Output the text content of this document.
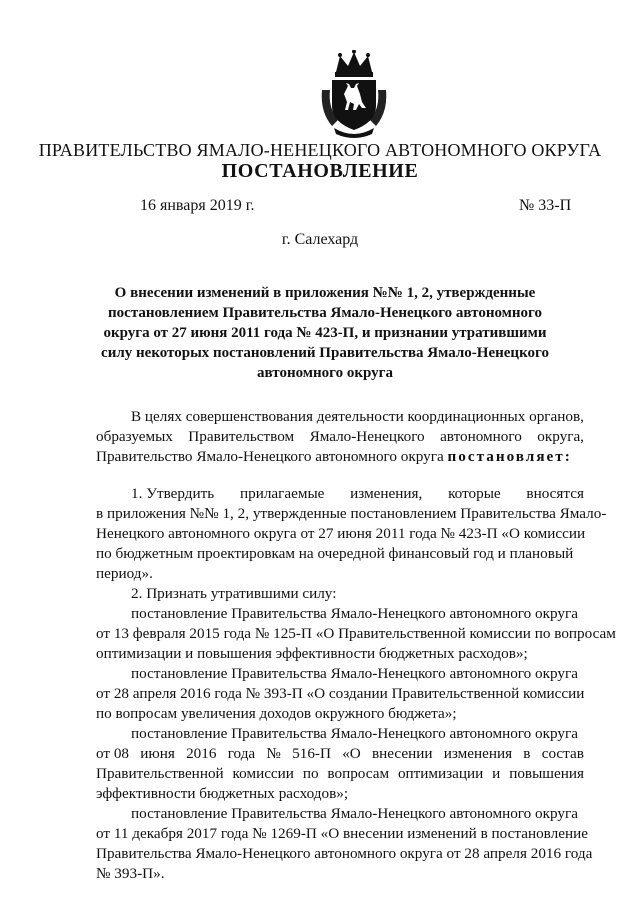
ПРАВИТЕЛЬСТВО ЯМАЛО-НЕНЕЦКОГО АВТОНОМНОГО ОКРУГА
ПОСТАНОВЛЕНИЕ
16 января 2019 г.	№ 33-П
г. Салехард
О внесении изменений в приложения №№ 1, 2, утвержденные
постановлением Правительства Ямало-Ненецкого автономного
округа от 27 июня 2011 года № 423-П, и признании утратившими
силу некоторых постановлений Правительства Ямало-Ненецкого
автономного округа
В целях совершенствования деятельности координационных органов,
образуемых Правительством Ямало-Ненецкого автономного округа,
Правительство Ямало-Ненецкого автономного округа постановляет:
1. Утвердить прилагаемые изменения, которые вносятся
в приложения №№ 1, 2, утвержденные постановлением Правительства Ямало-
Ненецкого автономного округа от 27 июня 2011 года № 423-П «О комиссии
по бюджетным проектировкам на очередной финансовый год и плановый
период».
2. Признать утратившими силу:
постановление Правительства Ямало-Ненецкого автономного округа
от 13 февраля 2015 года № 125-П «О Правительственной комиссии по вопросам
оптимизации и повышения эффективности бюджетных расходов»;
постановление Правительства Ямало-Ненецкого автономного округа
от 28 апреля 2016 года № 393-П «О создании Правительственной комиссии
по вопросам увеличения доходов окружного бюджета»;
постановление Правительства Ямало-Ненецкого автономного округа
от 08 июня 2016 года № 516-П «О внесении изменения в состав
Правительственной комиссии по вопросам оптимизации и повышения
эффективности бюджетных расходов»;
постановление Правительства Ямало-Ненецкого автономного округа
от 11 декабря 2017 года № 1269-П «О внесении изменений в постановление
Правительства Ямало-Ненецкого автономного округа от 28 апреля 2016 года
№ 393-П».
